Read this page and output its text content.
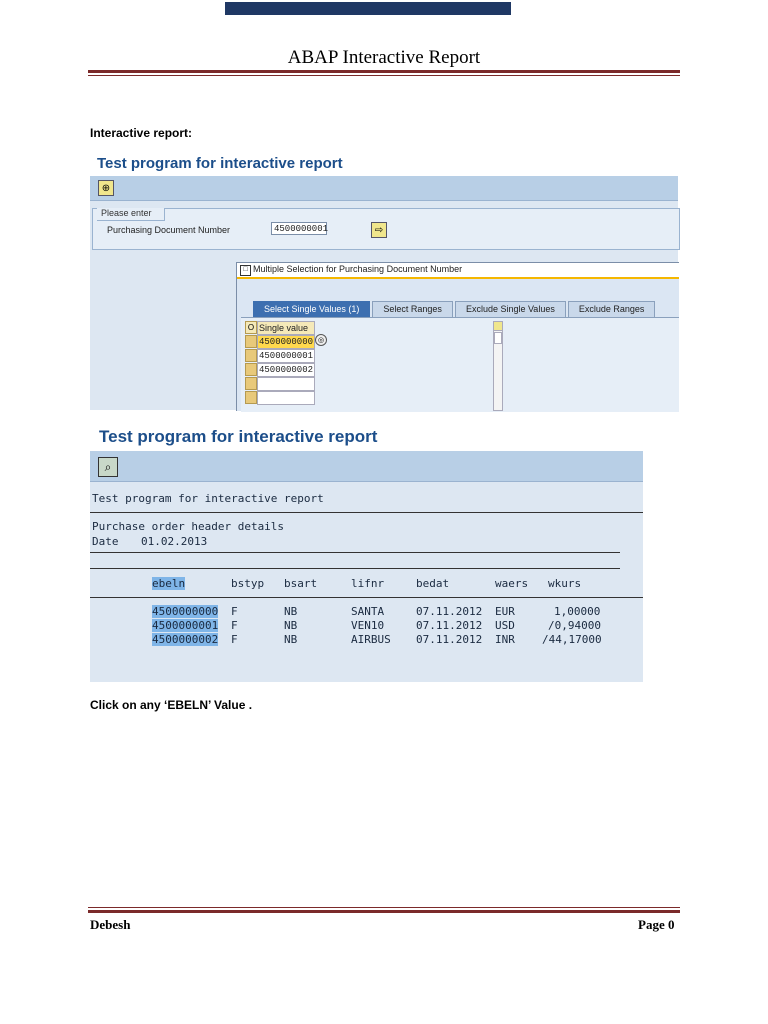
ABAP Interactive Report
Interactive report:
Test program for interactive report
⊕
Please enter
Purchasing Document Number	4500000001	⇨
□ Multiple Selection for Purchasing Document Number
Select Single Values (1)	Select Ranges	Exclude Single Values	Exclude Ranges
O Single value
4500000000
4500000001
4500000002
◎
Test program for interactive report
⌕
Test program for interactive report
Purchase order header details
Date 01.02.2013
ebeln	bstyp bsart	lifnr	bedat	waers wkurs
4500000000 F	NB	SANTA	07.11.2012 EUR	1,00000
4500000001 F	NB	VEN10	07.11.2012 USD	/0,94000
4500000002 F	NB	AIRBUS 07.11.2012 INR /44,17000
Click on any ‘EBELN’ Value .
Debesh	Page 0
